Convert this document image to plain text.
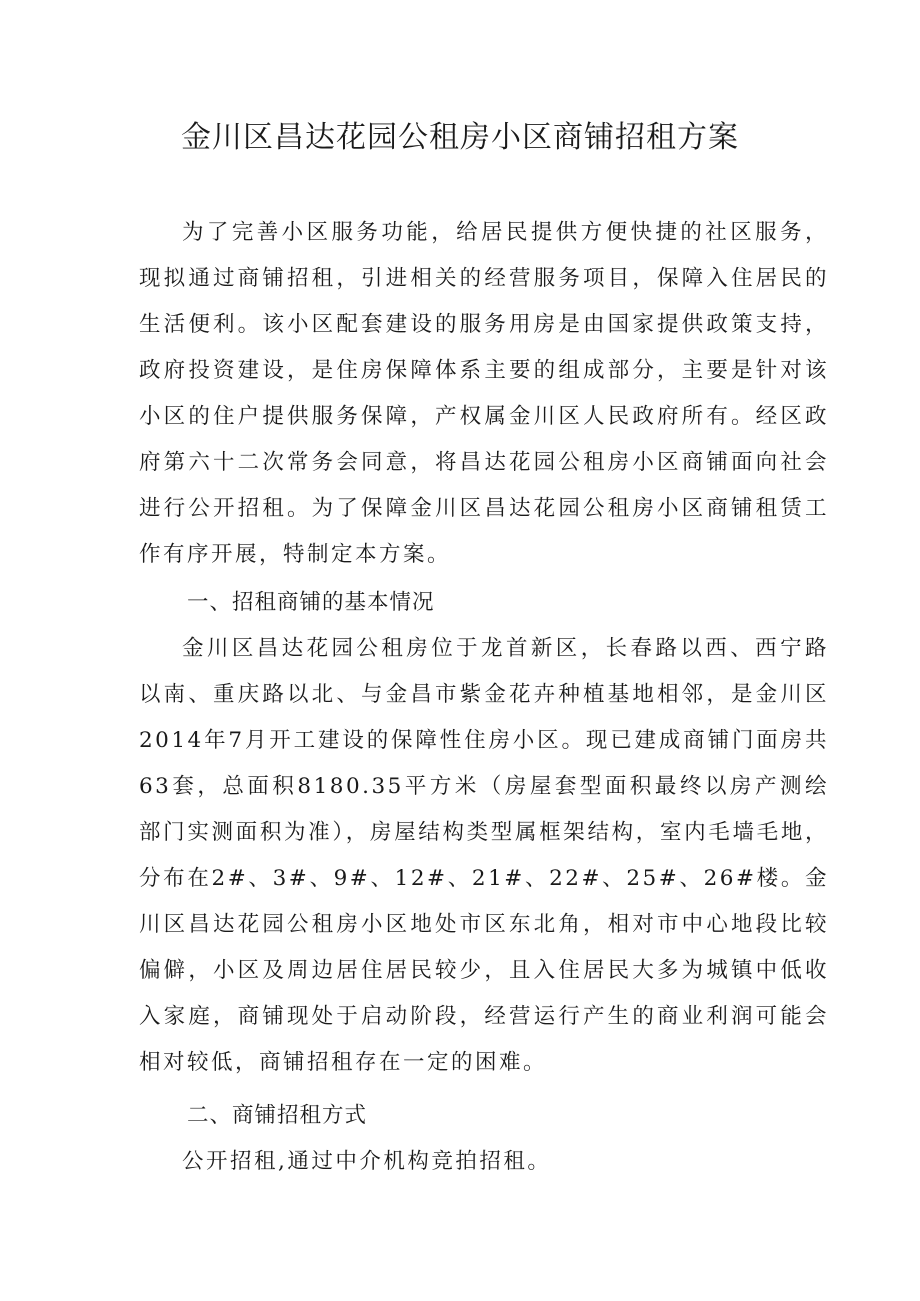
金川区昌达花园公租房小区商铺招租方案

为了完善小区服务功能，给居民提供方便快捷的社区服务，现拟通过商铺招租，引进相关的经营服务项目，保障入住居民的生活便利。该小区配套建设的服务用房是由国家提供政策支持，政府投资建设，是住房保障体系主要的组成部分，主要是针对该小区的住户提供服务保障，产权属金川区人民政府所有。经区政府第六十二次常务会同意，将昌达花园公租房小区商铺面向社会进行公开招租。为了保障金川区昌达花园公租房小区商铺租赁工作有序开展，特制定本方案。

一、招租商铺的基本情况

金川区昌达花园公租房位于龙首新区，长春路以西、西宁路以南、重庆路以北、与金昌市紫金花卉种植基地相邻，是金川区2014年7月开工建设的保障性住房小区。现已建成商铺门面房共63套，总面积8180.35平方米（房屋套型面积最终以房产测绘部门实测面积为准），房屋结构类型属框架结构，室内毛墙毛地，分布在2#、3#、9#、12#、21#、22#、25#、26#楼。金川区昌达花园公租房小区地处市区东北角，相对市中心地段比较偏僻，小区及周边居住居民较少，且入住居民大多为城镇中低收入家庭，商铺现处于启动阶段，经营运行产生的商业利润可能会相对较低，商铺招租存在一定的困难。

二、商铺招租方式

公开招租,通过中介机构竞拍招租。
